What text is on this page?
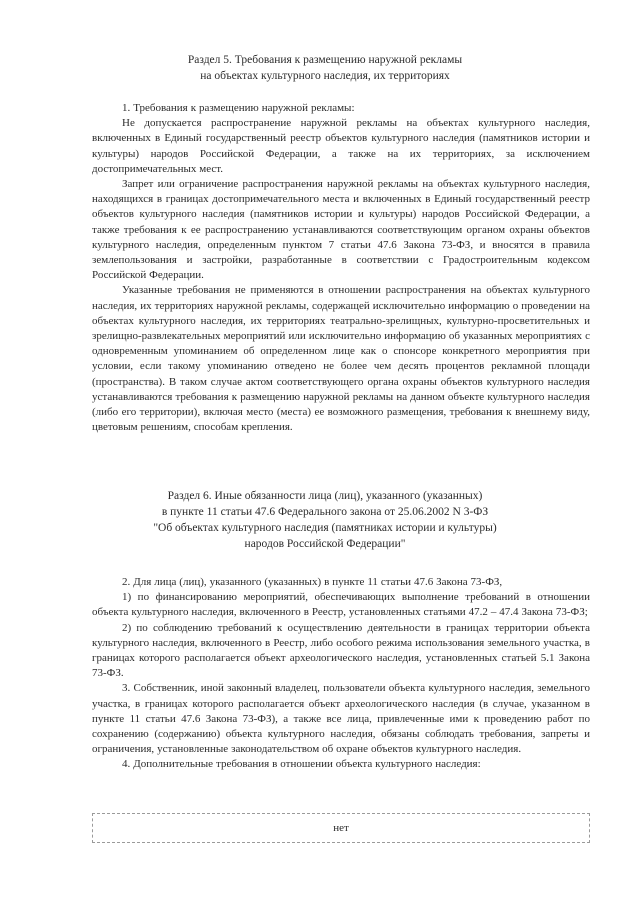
Раздел 5. Требования к размещению наружной рекламы
на объектах культурного наследия, их территориях

1. Требования к размещению наружной рекламы:

Не допускается распространение наружной рекламы на объектах культурного наследия, включенных в Единый государственный реестр объектов культурного наследия (памятников истории и культуры) народов Российской Федерации, а также на их территориях, за исключением достопримечательных мест.

Запрет или ограничение распространения наружной рекламы на объектах культурного наследия, находящихся в границах достопримечательного места и включенных в Единый государственный реестр объектов культурного наследия (памятников истории и культуры) народов Российской Федерации, а также требования к ее распространению устанавливаются соответствующим органом охраны объектов культурного наследия, определенным пунктом 7 статьи 47.6 Закона 73-ФЗ, и вносятся в правила землепользования и застройки, разработанные в соответствии с Градостроительным кодексом Российской Федерации.

Указанные требования не применяются в отношении распространения на объектах культурного наследия, их территориях наружной рекламы, содержащей исключительно информацию о проведении на объектах культурного наследия, их территориях театрально-зрелищных, культурно-просветительных и зрелищно-развлекательных мероприятий или исключительно информацию об указанных мероприятиях с одновременным упоминанием об определенном лице как о спонсоре конкретного мероприятия при условии, если такому упоминанию отведено не более чем десять процентов рекламной площади (пространства). В таком случае актом соответствующего органа охраны объектов культурного наследия устанавливаются требования к размещению наружной рекламы на данном объекте культурного наследия (либо его территории), включая место (места) ее возможного размещения, требования к внешнему виду, цветовым решениям, способам крепления.

Раздел 6. Иные обязанности лица (лиц), указанного (указанных)
в пункте 11 статьи 47.6 Федерального закона от 25.06.2002 N 3-ФЗ
"Об объектах культурного наследия (памятниках истории и культуры)
народов Российской Федерации"

2. Для лица (лиц), указанного (указанных) в пункте 11 статьи 47.6 Закона 73-ФЗ,

1) по финансированию мероприятий, обеспечивающих выполнение требований в отношении объекта культурного наследия, включенного в Реестр, установленных статьями 47.2 – 47.4 Закона 73-ФЗ;

2) по соблюдению требований к осуществлению деятельности в границах территории объекта культурного наследия, включенного в Реестр, либо особого режима использования земельного участка, в границах которого располагается объект археологического наследия, установленных статьей 5.1 Закона 73-ФЗ.

3. Собственник, иной законный владелец, пользователи объекта культурного наследия, земельного участка, в границах которого располагается объект археологического наследия (в случае, указанном в пункте 11 статьи 47.6 Закона 73-ФЗ), а также все лица, привлеченные ими к проведению работ по сохранению (содержанию) объекта культурного наследия, обязаны соблюдать требования, запреты и ограничения, установленные законодательством об охране объектов культурного наследия.

4. Дополнительные требования в отношении объекта культурного наследия:

нет
